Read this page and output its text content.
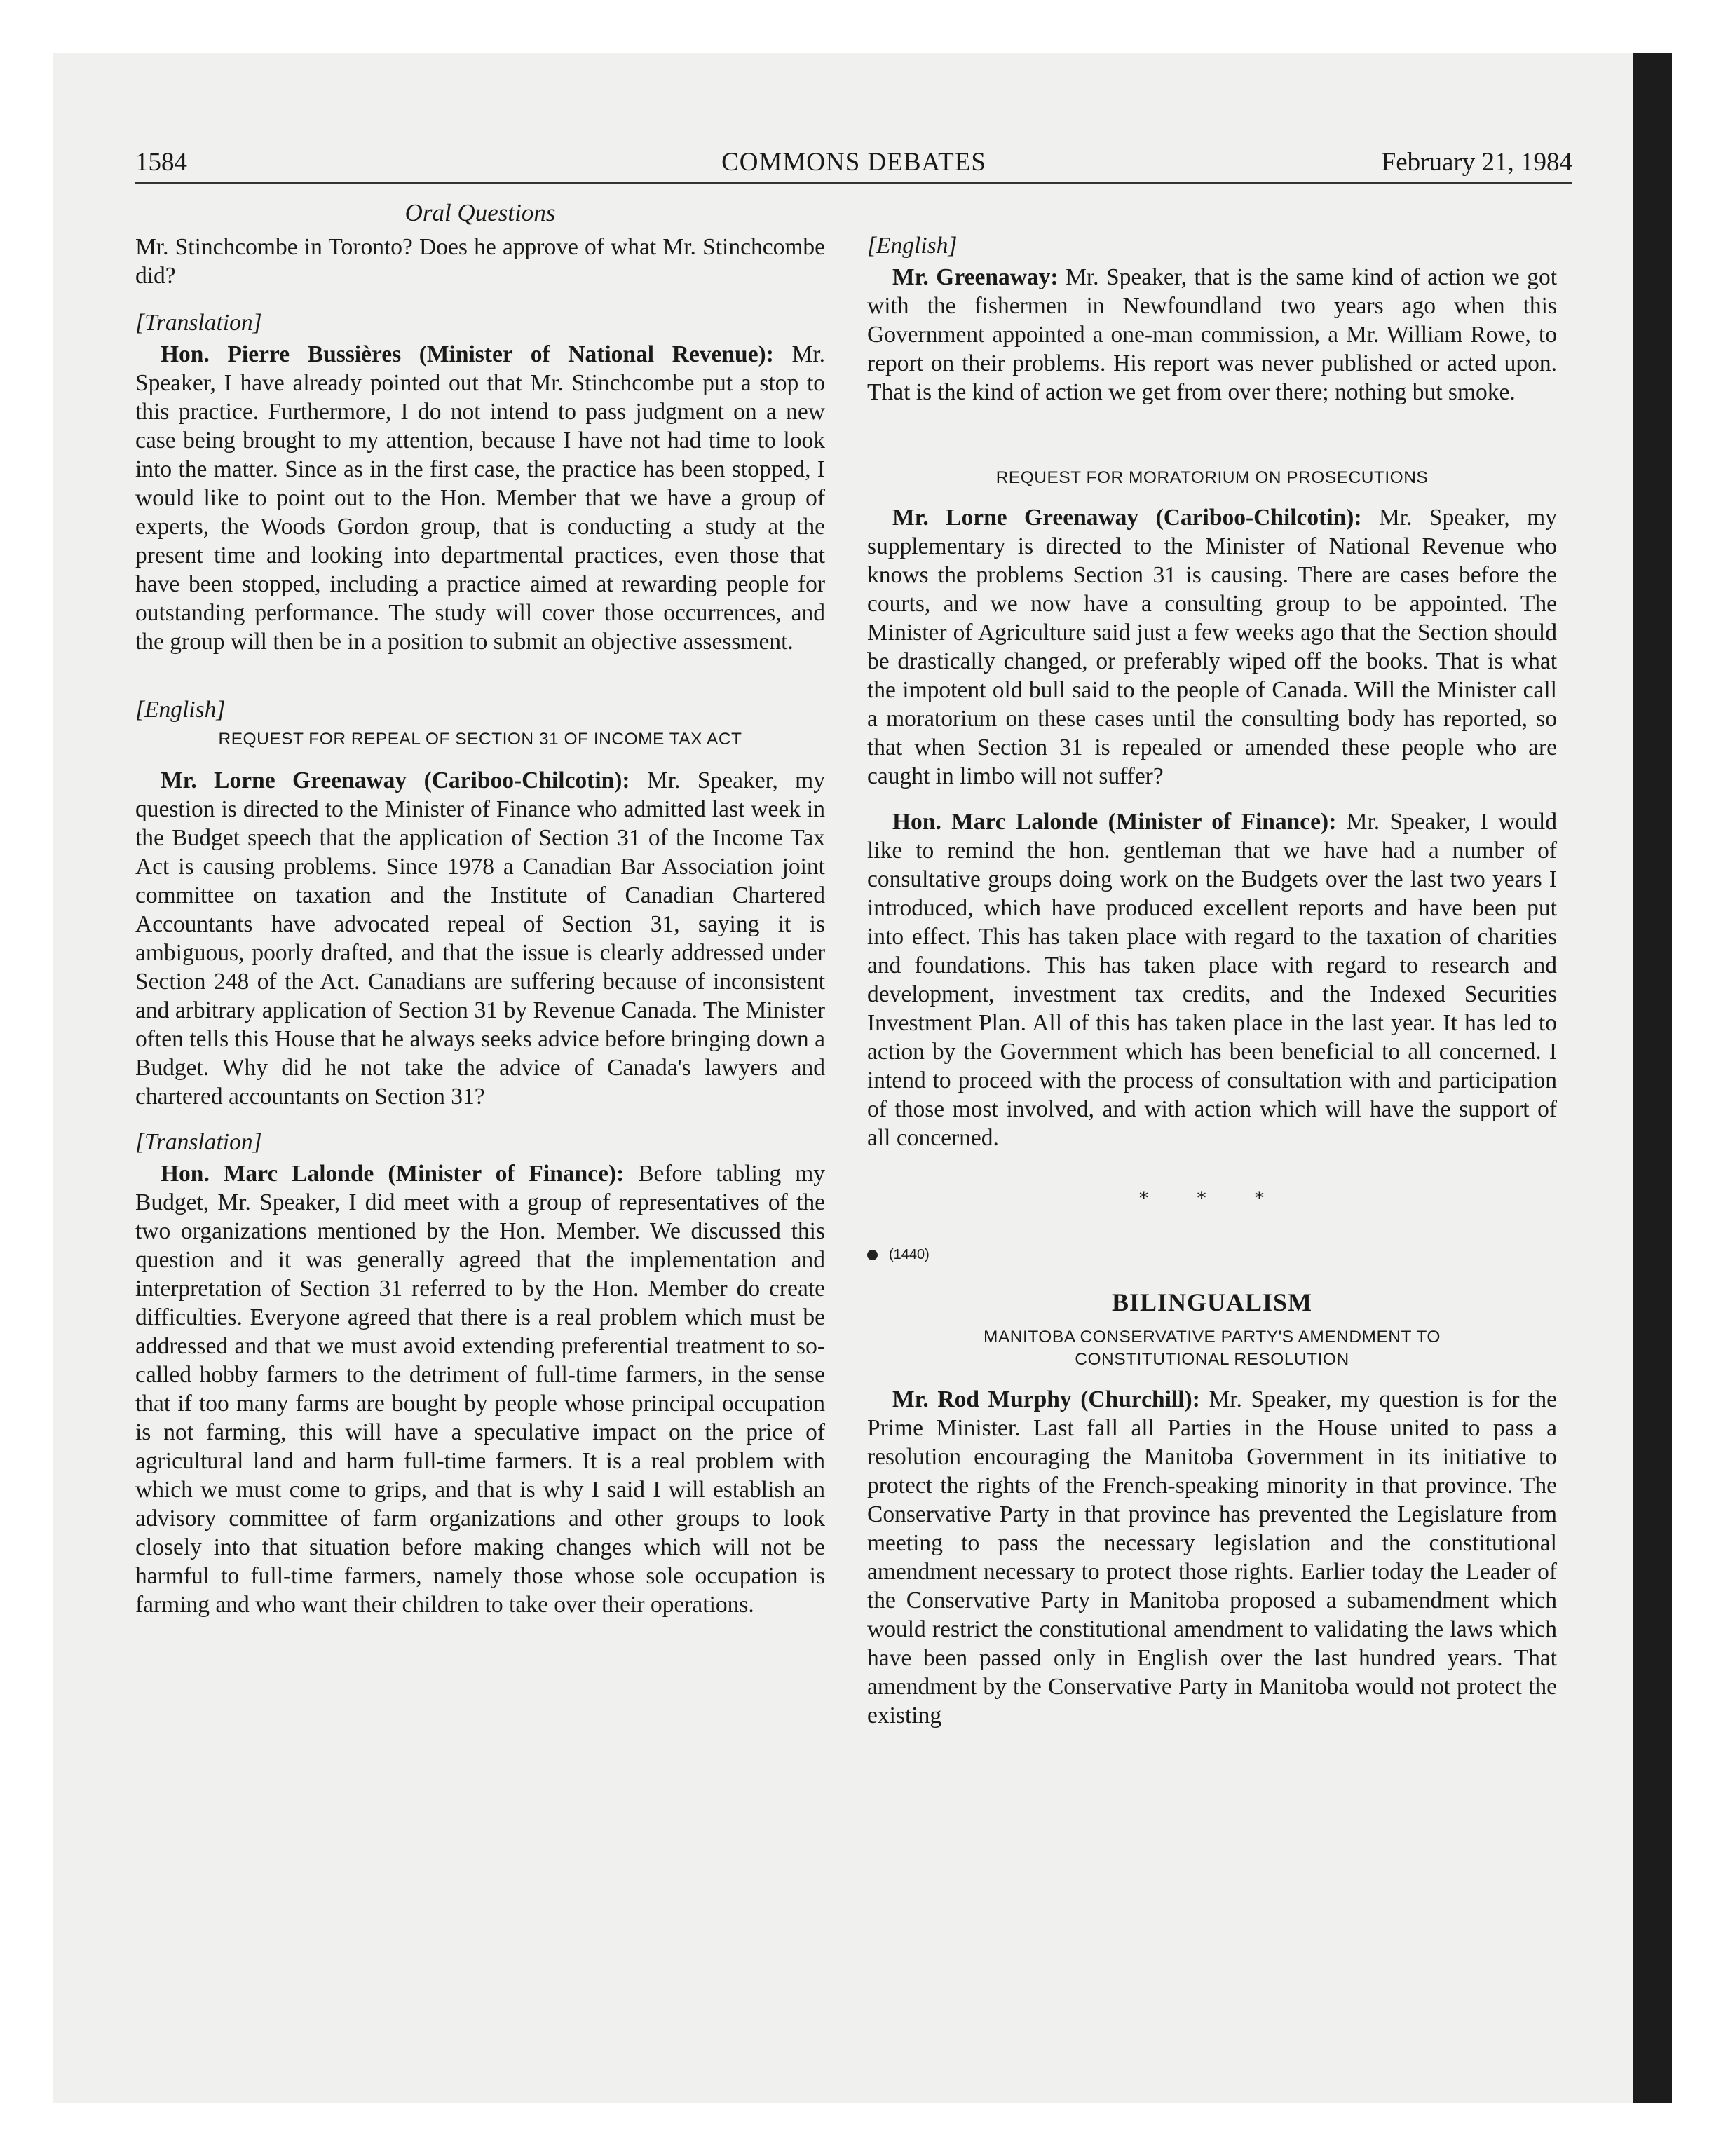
1584	COMMONS DEBATES	February 21, 1984
Oral Questions

Mr. Stinchcombe in Toronto? Does he approve of what Mr. Stinchcombe did?

[Translation]

Hon. Pierre Bussières (Minister of National Revenue): Mr. Speaker, I have already pointed out that Mr. Stinchcombe put a stop to this practice. Furthermore, I do not intend to pass judgment on a new case being brought to my attention, because I have not had time to look into the matter. Since as in the first case, the practice has been stopped, I would like to point out to the Hon. Member that we have a group of experts, the Woods Gordon group, that is conducting a study at the present time and looking into departmental practices, even those that have been stopped, including a practice aimed at rewarding people for outstanding performance. The study will cover those occurrences, and the group will then be in a position to submit an objective assessment.

[English]
REQUEST FOR REPEAL OF SECTION 31 OF INCOME TAX ACT

Mr. Lorne Greenaway (Cariboo-Chilcotin): Mr. Speaker, my question is directed to the Minister of Finance who admitted last week in the Budget speech that the application of Section 31 of the Income Tax Act is causing problems. Since 1978 a Canadian Bar Association joint committee on taxation and the Institute of Canadian Chartered Accountants have advocated repeal of Section 31, saying it is ambiguous, poorly drafted, and that the issue is clearly addressed under Section 248 of the Act. Canadians are suffering because of inconsistent and arbitrary application of Section 31 by Revenue Canada. The Minister often tells this House that he always seeks advice before bringing down a Budget. Why did he not take the advice of Canada's lawyers and chartered accountants on Section 31?

[Translation]

Hon. Marc Lalonde (Minister of Finance): Before tabling my Budget, Mr. Speaker, I did meet with a group of representatives of the two organizations mentioned by the Hon. Member. We discussed this question and it was generally agreed that the implementation and interpretation of Section 31 referred to by the Hon. Member do create difficulties. Everyone agreed that there is a real problem which must be addressed and that we must avoid extending preferential treatment to so-called hobby farmers to the detriment of full-time farmers, in the sense that if too many farms are bought by people whose principal occupation is not farming, this will have a speculative impact on the price of agricultural land and harm full-time farmers. It is a real problem with which we must come to grips, and that is why I said I will establish an advisory committee of farm organizations and other groups to look closely into that situation before making changes which will not be harmful to full-time farmers, namely those whose sole occupation is farming and who want their children to take over their operations.

[English]

Mr. Greenaway: Mr. Speaker, that is the same kind of action we got with the fishermen in Newfoundland two years ago when this Government appointed a one-man commission, a Mr. William Rowe, to report on their problems. His report was never published or acted upon. That is the kind of action we get from over there; nothing but smoke.

REQUEST FOR MORATORIUM ON PROSECUTIONS

Mr. Lorne Greenaway (Cariboo-Chilcotin): Mr. Speaker, my supplementary is directed to the Minister of National Revenue who knows the problems Section 31 is causing. There are cases before the courts, and we now have a consulting group to be appointed. The Minister of Agriculture said just a few weeks ago that the Section should be drastically changed, or preferably wiped off the books. That is what the impotent old bull said to the people of Canada. Will the Minister call a moratorium on these cases until the consulting body has reported, so that when Section 31 is repealed or amended these people who are caught in limbo will not suffer?

Hon. Marc Lalonde (Minister of Finance): Mr. Speaker, I would like to remind the hon. gentleman that we have had a number of consultative groups doing work on the Budgets over the last two years I introduced, which have produced excellent reports and have been put into effect. This has taken place with regard to the taxation of charities and foundations. This has taken place with regard to research and development, investment tax credits, and the Indexed Securities Investment Plan. All of this has taken place in the last year. It has led to action by the Government which has been beneficial to all concerned. I intend to proceed with the process of consultation with and participation of those most involved, and with action which will have the support of all concerned.

* * *
(1440)
BILINGUALISM
MANITOBA CONSERVATIVE PARTY'S AMENDMENT TO
CONSTITUTIONAL RESOLUTION

Mr. Rod Murphy (Churchill): Mr. Speaker, my question is for the Prime Minister. Last fall all Parties in the House united to pass a resolution encouraging the Manitoba Government in its initiative to protect the rights of the French-speaking minority in that province. The Conservative Party in that province has prevented the Legislature from meeting to pass the necessary legislation and the constitutional amendment necessary to protect those rights. Earlier today the Leader of the Conservative Party in Manitoba proposed a subamendment which would restrict the constitutional amendment to validating the laws which have been passed only in English over the last hundred years. That amendment by the Conservative Party in Manitoba would not protect the existing
